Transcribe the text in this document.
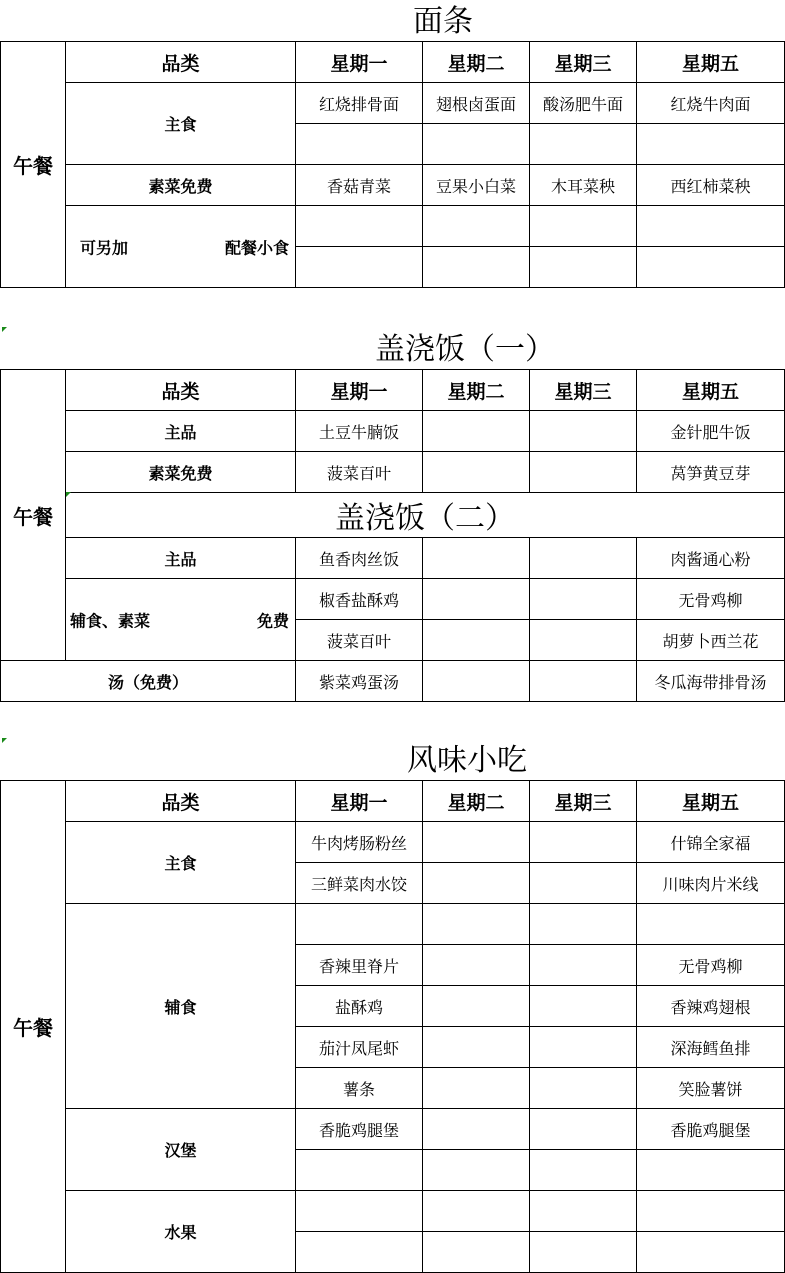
面条
午餐	品类	星期一	星期二	星期三	星期五
	主食	红烧排骨面	翅根卤蛋面	酸汤肥牛面	红烧牛肉面

	素菜免费	香菇青菜	豆果小白菜	木耳菜秧	西红柿菜秧

	可另加 配餐小食				

盖浇饭（一）
午餐	品类	星期一	星期二	星期三	星期五
	主品	土豆牛腩饭			金针肥牛饭
	素菜免费	菠菜百叶			莴笋黄豆芽
	盖浇饭（二）				
	主品	鱼香肉丝饭			肉酱通心粉

	辅食、素菜 免费	椒香盐酥鸡			无骨鸡柳
		菠菜百叶			胡萝卜西兰花
汤（免费）		紫菜鸡蛋汤			冬瓜海带排骨汤
风味小吃
午餐	品类	星期一	星期二	星期三	星期五
	主食	牛肉烤肠粉丝			什锦全家福
		三鲜菜肉水饺			川味肉片米线
	辅食				
		香辣里脊片			无骨鸡柳
		盐酥鸡			香辣鸡翅根
		茄汁凤尾虾			深海鳕鱼排
		薯条			笑脸薯饼
	汉堡	香脆鸡腿堡			香脆鸡腿堡

	水果				
